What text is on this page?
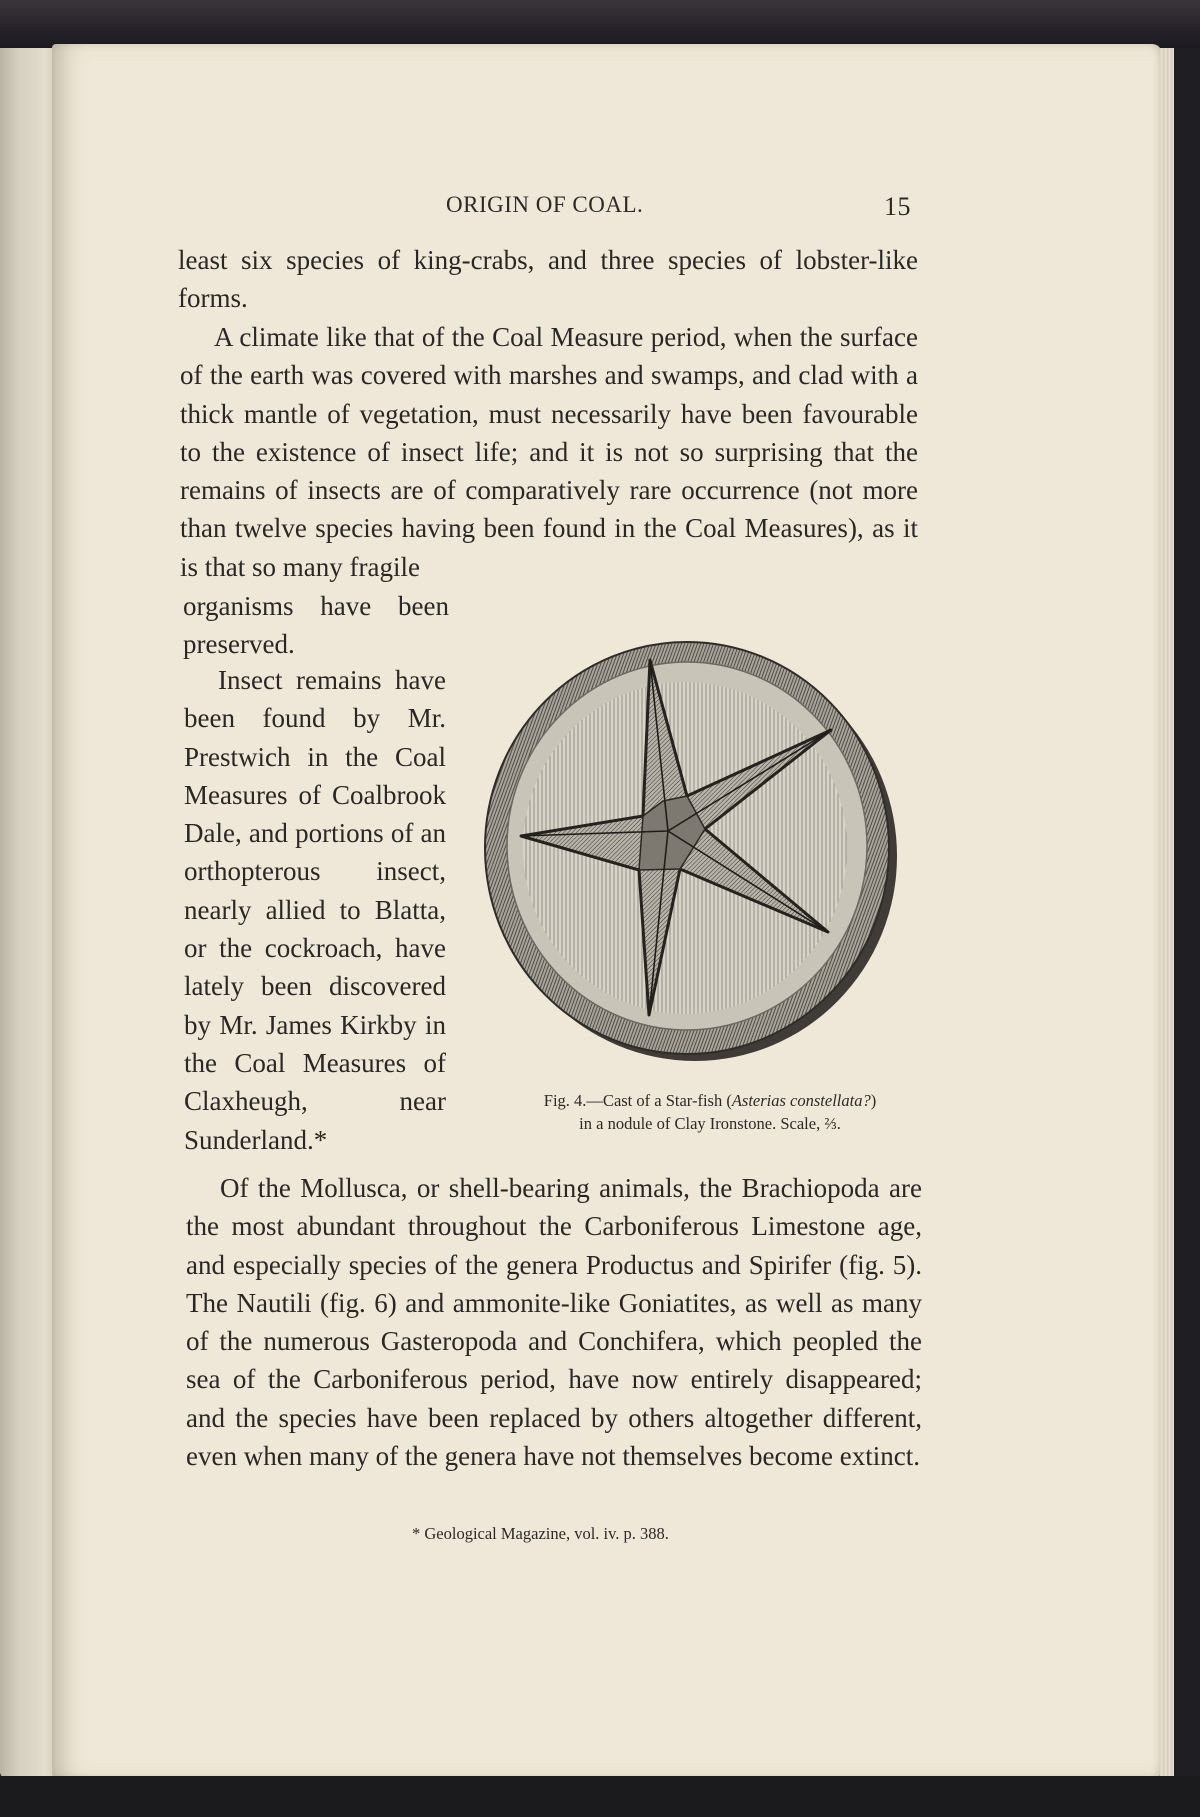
ORIGIN OF COAL.	15

least six species of king-crabs, and three species of lobster-like forms.

A climate like that of the Coal Measure period, when the surface of the earth was covered with marshes and swamps, and clad with a thick mantle of vegetation, must necessarily have been favourable to the existence of insect life; and it is not so surprising that the remains of insects are of comparatively rare occurrence (not more than twelve species having been found in the Coal Measures), as it is that so many fragile

organisms have been preserved.

Insect remains have been found by Mr. Prestwich in the Coal Measures of Coalbrook Dale, and portions of an orthopterous insect, nearly allied to Blatta, or the cockroach, have lately been discovered by Mr. James Kirkby in the Coal Measures of Claxheugh, near Sunderland.*

Fig. 4.—Cast of a Star-fish (Asterias constellata?)
in a nodule of Clay Ironstone. Scale, ⅔.

Of the Mollusca, or shell-bearing animals, the Brachiopoda are the most abundant throughout the Carboniferous Limestone age, and especially species of the genera Productus and Spirifer (fig. 5). The Nautili (fig. 6) and ammonite-like Goniatites, as well as many of the numerous Gasteropoda and Conchifera, which peopled the sea of the Carboniferous period, have now entirely disappeared; and the species have been replaced by others altogether different, even when many of the genera have not themselves become extinct.

* Geological Magazine, vol. iv. p. 388.
